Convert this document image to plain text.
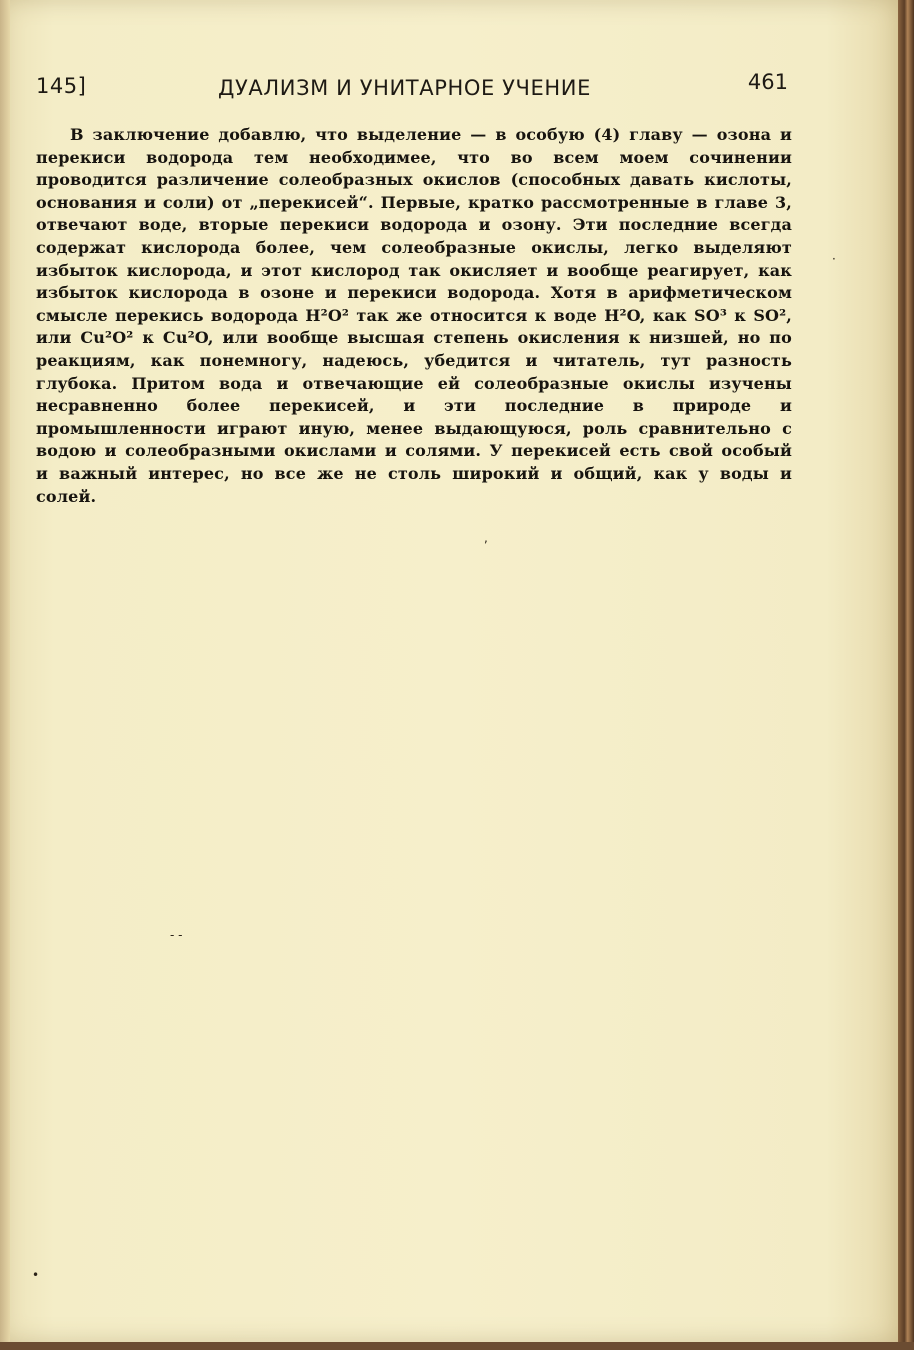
145]	ДУАЛИЗМ И УНИТАРНОЕ УЧЕНИЕ	461

В заключение добавлю, что выделение — в особую (4) главу — озона и перекиси водорода тем необходимее, что во всем моем сочинении проводится различение солеобразных окислов (способных давать кислоты, основания и соли) от „перекисей“. Первые, кратко рассмотренные в главе 3, отвечают воде, вторые перекиси водорода и озону. Эти последние всегда содержат кислорода более, чем солеобразные окислы, легко выделяют избыток кислорода, и этот кислород так окисляет и вообще реагирует, как избыток кислорода в озоне и перекиси водорода. Хотя в арифметическом смысле перекись водорода H²O² так же относится к воде H²O, как SO³ к SO², или Cu²O² к Cu²O, или вообще высшая степень окисления к низшей, но по реакциям, как понемногу, надеюсь, убедится и читатель, тут разность глубока. Притом вода и отвечающие ей солеобразные окислы изучены несравненно более перекисей, и эти последние в природе и промышленности играют иную, менее выдающуюся, роль сравнительно с водою и солеобразными окислами и солями. У перекисей есть свой особый и важный интерес, но все же не столь широкий и общий, как у воды и солей.

,
- -
•
·
